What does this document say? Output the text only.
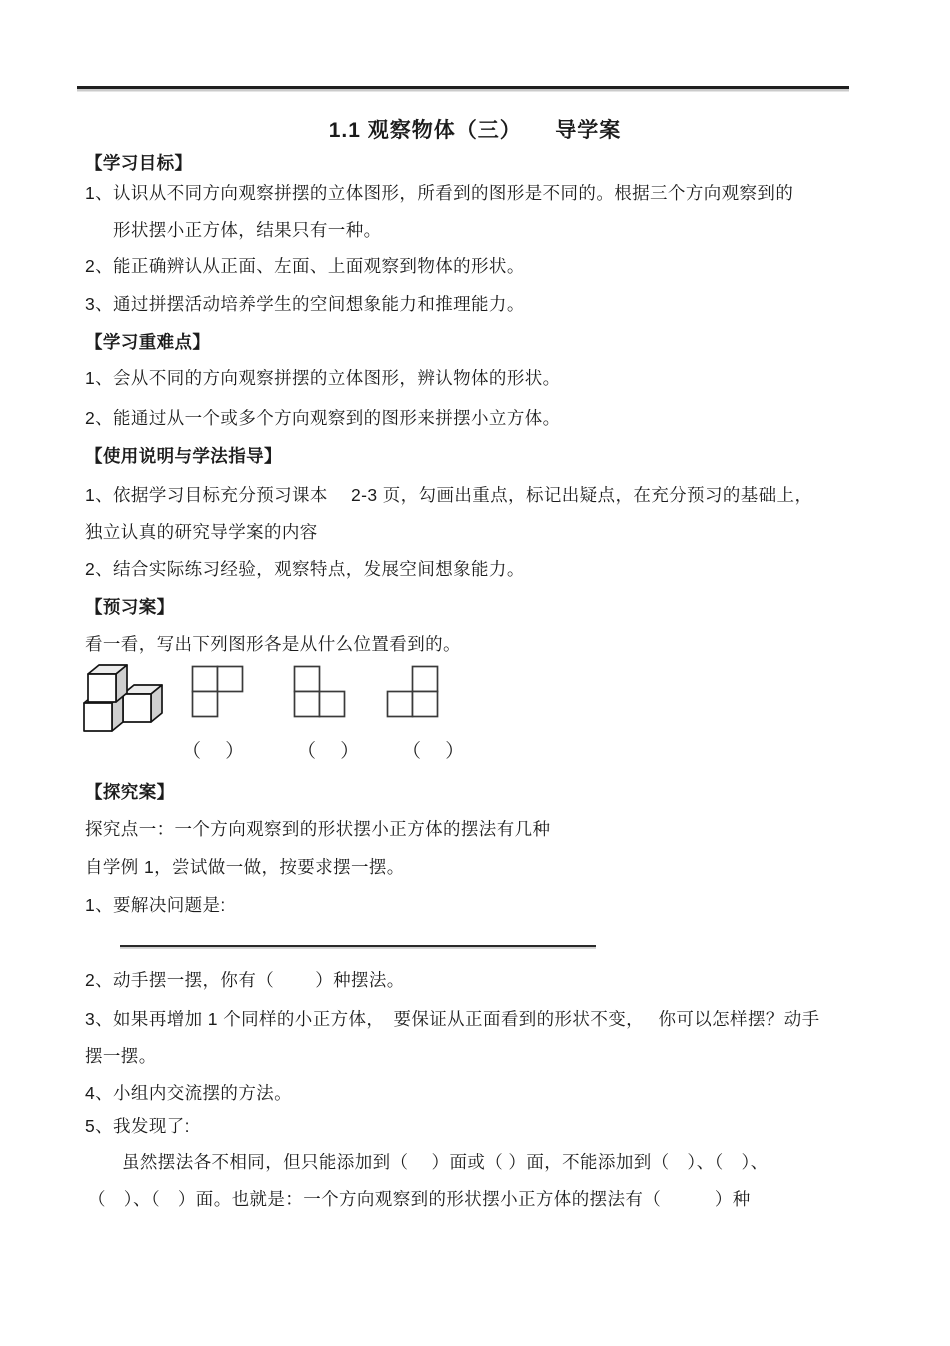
1.1 观察物体（三）　　导学案
【学习目标】
1、认识从不同方向观察拼摆的立体图形，所看到的图形是不同的。根据三个方向观察到的
形状摆小正方体，结果只有一种。
2、能正确辨认从正面、左面、上面观察到物体的形状。
3、通过拼摆活动培养学生的空间想象能力和推理能力。
【学习重难点】
1、会从不同的方向观察拼摆的立体图形，辨认物体的形状。
2、能通过从一个或多个方向观察到的图形来拼摆小立方体。
【使用说明与学法指导】
1、依据学习目标充分预习课本　 2-3 页，勾画出重点，标记出疑点，在充分预习的基础上，
独立认真的研究导学案的内容
2、结合实际练习经验，观察特点，发展空间想象能力。
【预习案】
看一看，写出下列图形各是从什么位置看到的。
（　 ）	（　 ） （　 ）
【探究案】
探究点一：一个方向观察到的形状摆小正方体的摆法有几种
自学例 1，尝试做一做，按要求摆一摆。
1、要解决问题是:
2、动手摆一摆，你有（　　 ）种摆法。
3、如果再增加 1 个同样的小正方体，　要保证从正面看到的形状不变，　 你可以怎样摆？动手
摆一摆。
4、小组内交流摆的方法。
5、我发现了:
虽然摆法各不相同，但只能添加到（　 ）面或（ ）面，不能添加到（　）、（　）、
（　）、（　）面。也就是：一个方向观察到的形状摆小正方体的摆法有（　　　）种
